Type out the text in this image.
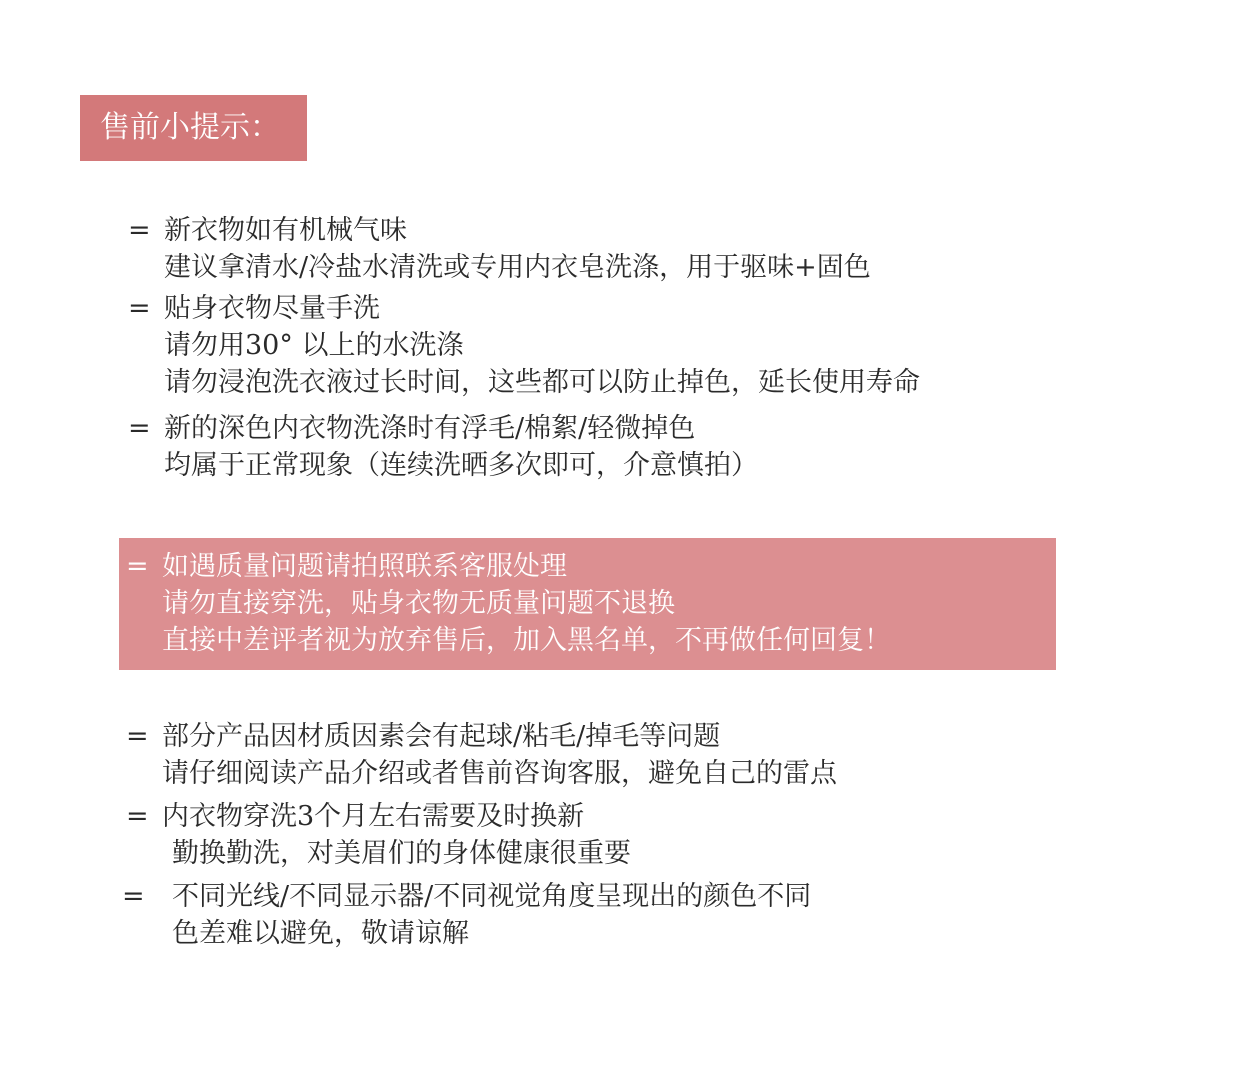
售前小提示：
= 新衣物如有机械气味
建议拿清水/冷盐水清洗或专用内衣皂洗涤，用于驱味+固色
= 贴身衣物尽量手洗
请勿用30° 以上的水洗涤
请勿浸泡洗衣液过长时间，这些都可以防止掉色，延长使用寿命
= 新的深色内衣物洗涤时有浮毛/棉絮/轻微掉色
均属于正常现象（连续洗晒多次即可，介意慎拍）
= 如遇质量问题请拍照联系客服处理
请勿直接穿洗，贴身衣物无质量问题不退换
直接中差评者视为放弃售后，加入黑名单，不再做任何回复！
= 部分产品因材质因素会有起球/粘毛/掉毛等问题
请仔细阅读产品介绍或者售前咨询客服，避免自己的雷点
= 内衣物穿洗3个月左右需要及时换新
勤换勤洗，对美眉们的身体健康很重要
= 不同光线/不同显示器/不同视觉角度呈现出的颜色不同
色差难以避免，敬请谅解
